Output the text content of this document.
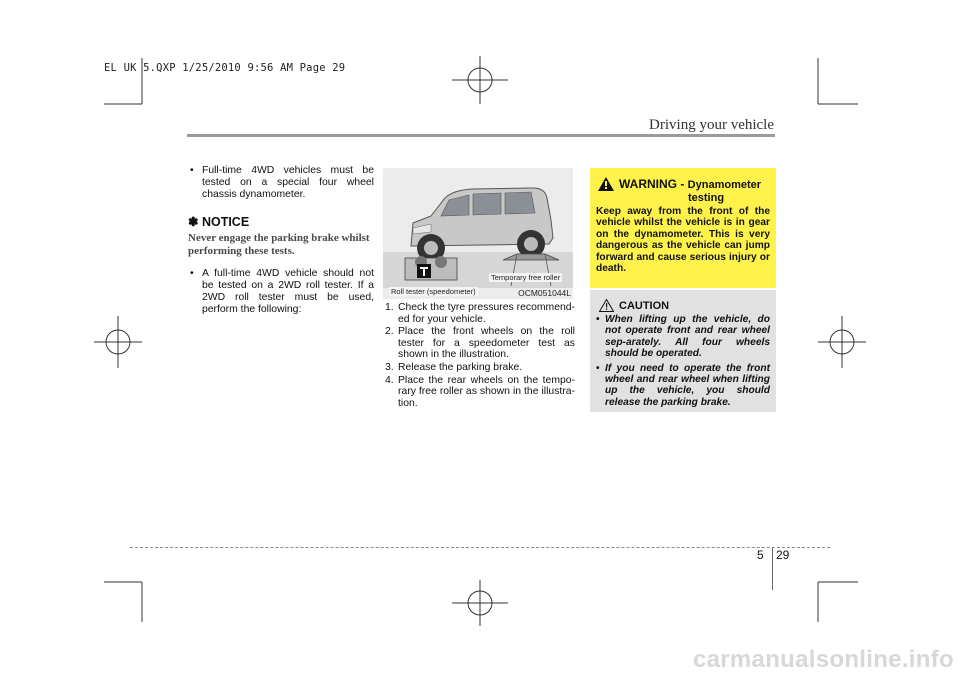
EL UK 5.QXP 1/25/2010 9:56 AM Page 29
Driving your vehicle

• Full-time 4WD vehicles must be tested on a special four wheel chassis dynamometer.

✽ NOTICE
Never engage the parking brake whilst performing these tests.

• A full-time 4WD vehicle should not be tested on a 2WD roll tester. If a 2WD roll tester must be used, perform the following:

Temporary free roller
Roll tester (speedometer)	OCM051044L
1. Check the tyre pressures recommend-ed for your vehicle.
2. Place the front wheels on the roll tester for a speedometer test as shown in the illustration.
3. Release the parking brake.
4. Place the rear wheels on the tempo-rary free roller as shown in the illustra-tion.
WARNING - Dynamometer
testing
Keep away from the front of the vehicle whilst the vehicle is in gear on the dynamometer. This is very dangerous as the vehicle can jump forward and cause serious injury or death.
CAUTION

• When lifting up the vehicle, do not operate front and rear wheel sep-arately. All four wheels should be operated.

• If you need to operate the front wheel and rear wheel when lifting up the vehicle, you should release the parking brake.

5 29
carmanualsonline.info
